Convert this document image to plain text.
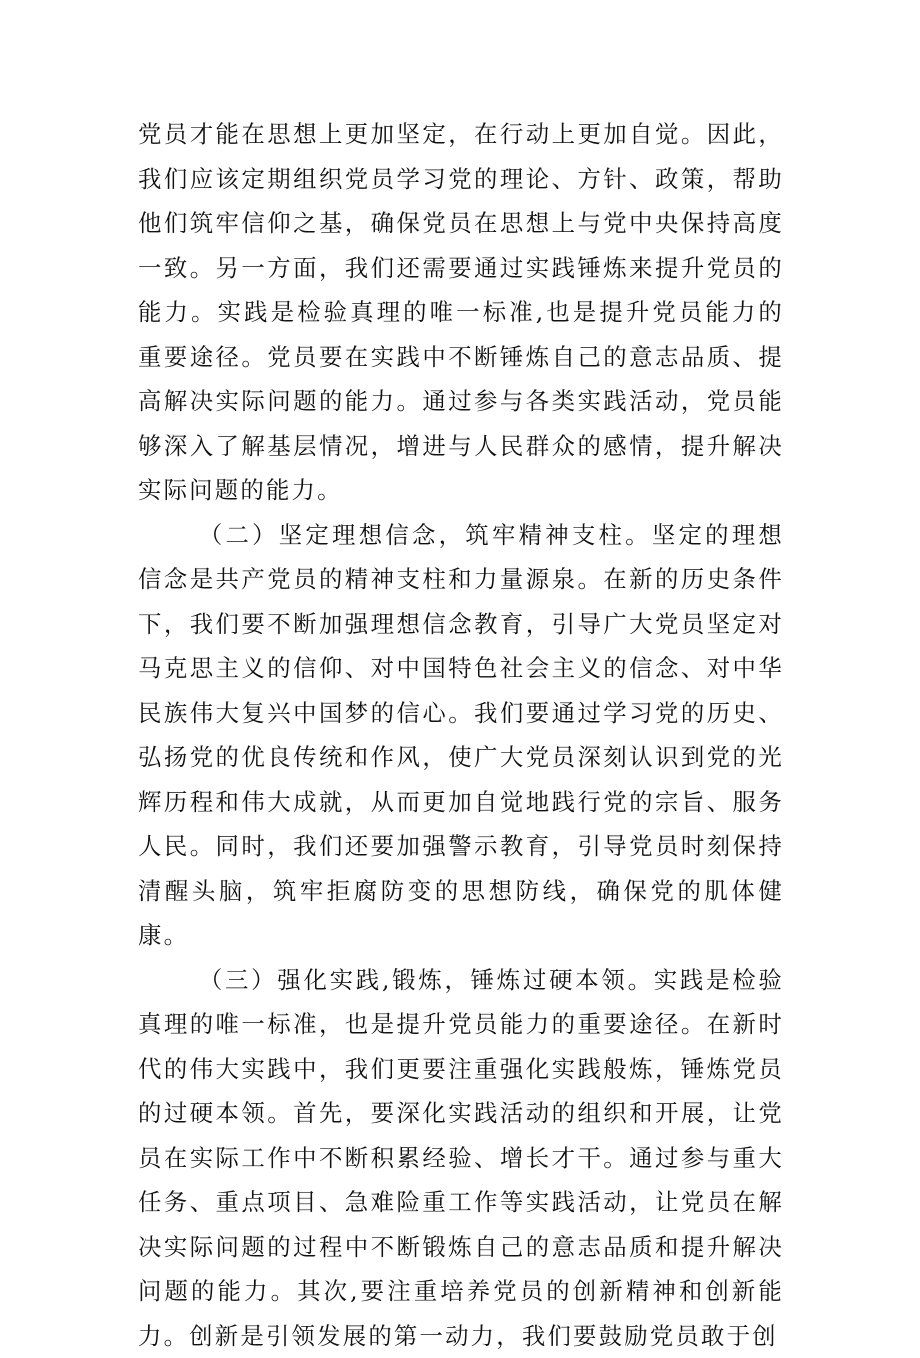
党员才能在思想上更加坚定，在行动上更加自觉。因此，我们应该定期组织党员学习党的理论、方针、政策，帮助他们筑牢信仰之基，确保党员在思想上与党中央保持高度一致。另一方面，我们还需要通过实践锤炼来提升党员的能力。实践是检验真理的唯一标准,也是提升党员能力的重要途径。党员要在实践中不断锤炼自己的意志品质、提高解决实际问题的能力。通过参与各类实践活动，党员能够深入了解基层情况，增进与人民群众的感情，提升解决实际问题的能力。

（二）坚定理想信念，筑牢精神支柱。坚定的理想信念是共产党员的精神支柱和力量源泉。在新的历史条件下，我们要不断加强理想信念教育，引导广大党员坚定对马克思主义的信仰、对中国特色社会主义的信念、对中华民族伟大复兴中国梦的信心。我们要通过学习党的历史、弘扬党的优良传统和作风，使广大党员深刻认识到党的光辉历程和伟大成就，从而更加自觉地践行党的宗旨、服务人民。同时，我们还要加强警示教育，引导党员时刻保持清醒头脑，筑牢拒腐防变的思想防线，确保党的肌体健康。

（三）强化实践,锻炼，锤炼过硬本领。实践是检验真理的唯一标准，也是提升党员能力的重要途径。在新时代的伟大实践中，我们更要注重强化实践般炼，锤炼党员的过硬本领。首先，要深化实践活动的组织和开展，让党员在实际工作中不断积累经验、增长才干。通过参与重大任务、重点项目、急难险重工作等实践活动，让党员在解决实际问题的过程中不断锻炼自己的意志品质和提升解决问题的能力。其次,要注重培养党员的创新精神和创新能力。创新是引领发展的第一动力，我们要鼓励党员敢于创
